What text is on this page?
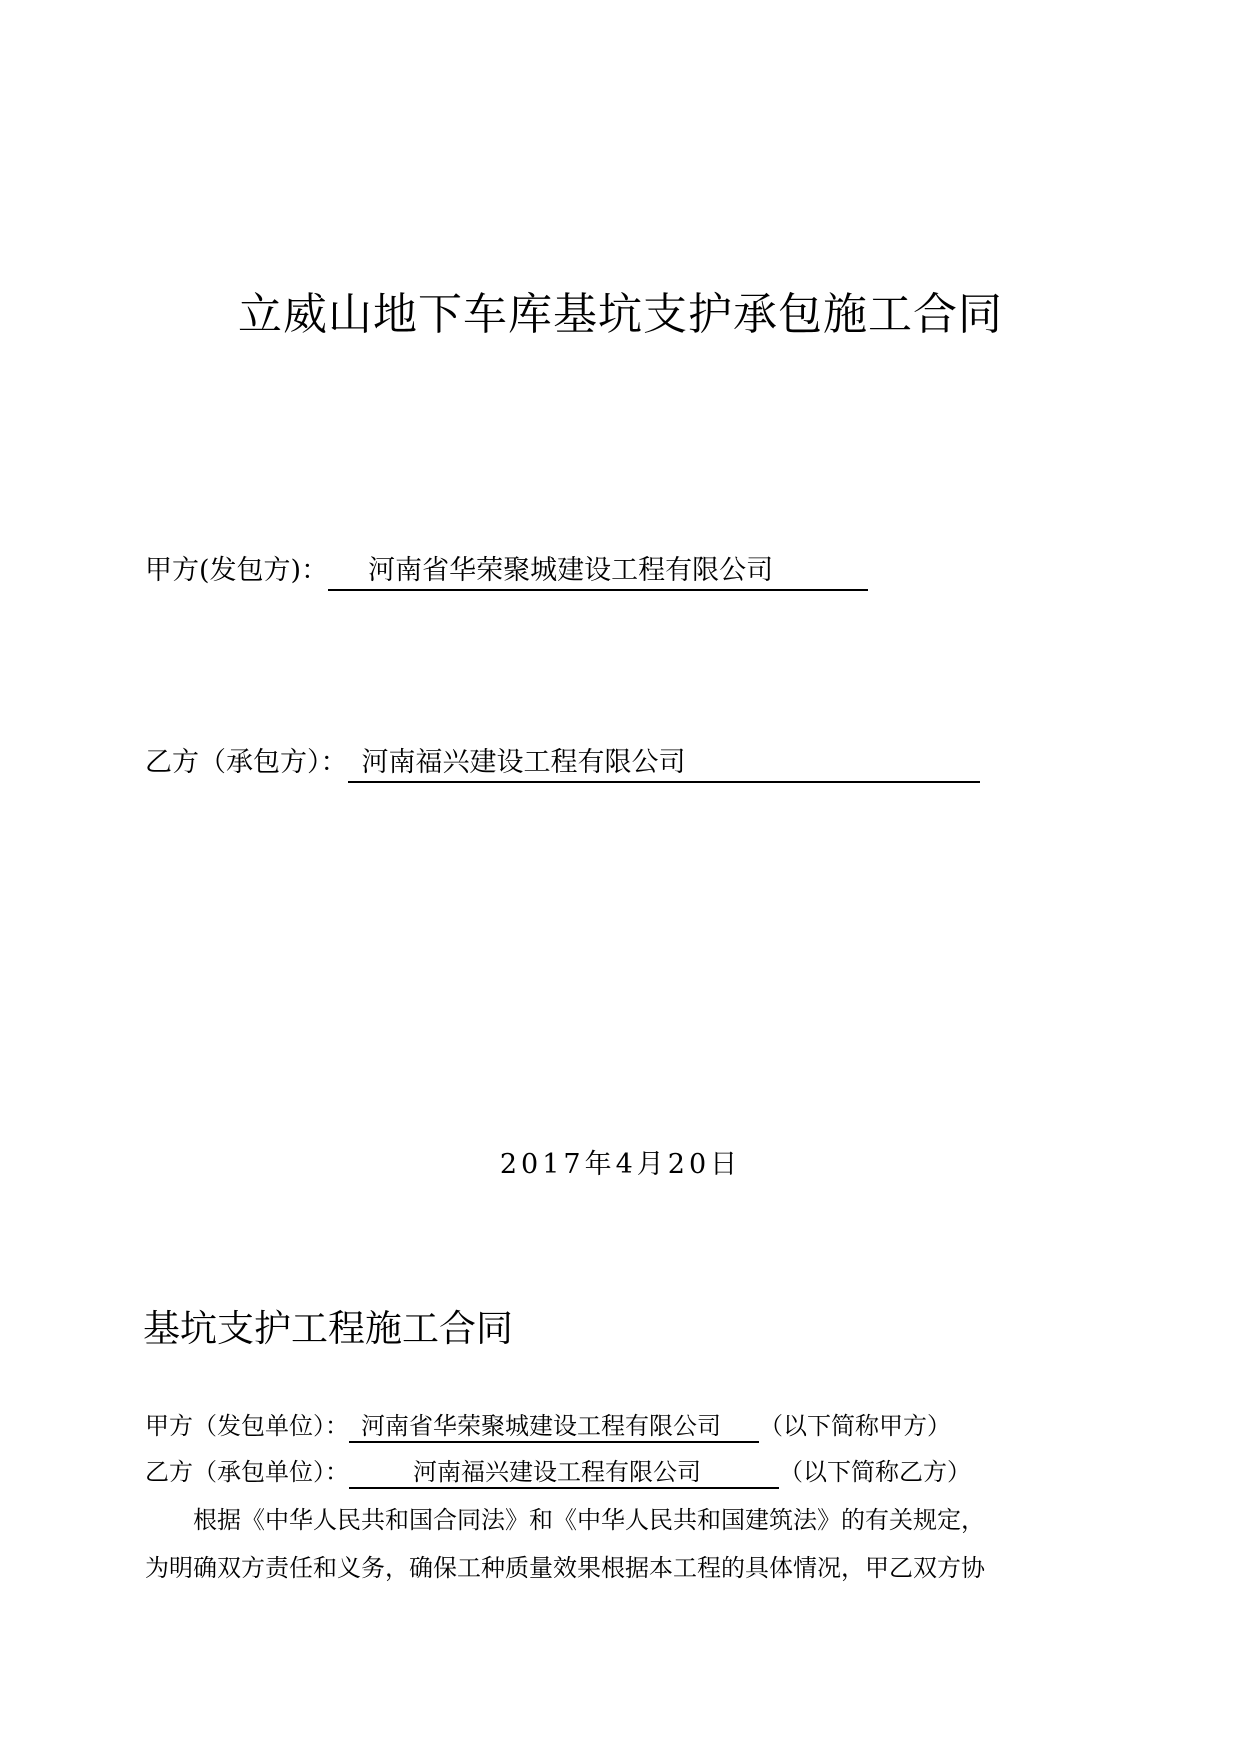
立威山地下车库基坑支护承包施工合同
甲方(发包方)： 河南省华荣聚城建设工程有限公司
乙方（承包方）： 河南福兴建设工程有限公司
2017年4月20日
基坑支护工程施工合同
甲方（发包单位）： 河南省华荣聚城建设工程有限公司 （以下简称甲方）
乙方（承包单位）：	河南福兴建设工程有限公司	（以下简称乙方）
根据《中华人民共和国合同法》和《中华人民共和国建筑法》的有关规定，
为明确双方责任和义务，确保工种质量效果根据本工程的具体情况，甲乙双方协
